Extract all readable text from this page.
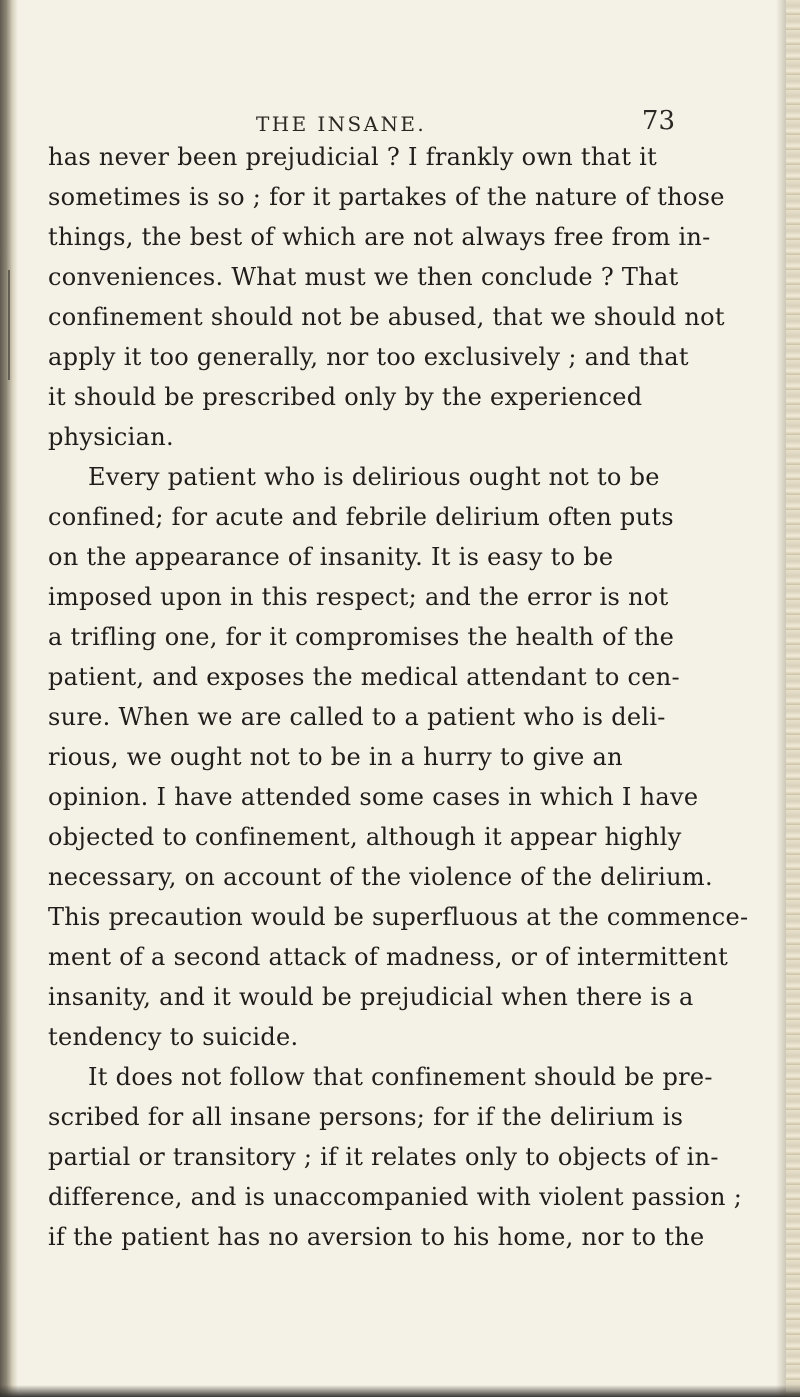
THE INSANE.	73
has never been prejudicial ? I frankly own that it
sometimes is so ; for it partakes of the nature of those
things, the best of which are not always free from in-
conveniences. What must we then conclude ? That
confinement should not be abused, that we should not
apply it too generally, nor too exclusively ; and that
it should be prescribed only by the experienced
physician.
Every patient who is delirious ought not to be
confined; for acute and febrile delirium often puts
on the appearance of insanity. It is easy to be
imposed upon in this respect; and the error is not
a trifling one, for it compromises the health of the
patient, and exposes the medical attendant to cen-
sure. When we are called to a patient who is deli-
rious, we ought not to be in a hurry to give an
opinion. I have attended some cases in which I have
objected to confinement, although it appear highly
necessary, on account of the violence of the delirium.
This precaution would be superfluous at the commence-
ment of a second attack of madness, or of intermittent
insanity, and it would be prejudicial when there is a
tendency to suicide.
It does not follow that confinement should be pre-
scribed for all insane persons; for if the delirium is
partial or transitory ; if it relates only to objects of in-
difference, and is unaccompanied with violent passion ;
if the patient has no aversion to his home, nor to the
